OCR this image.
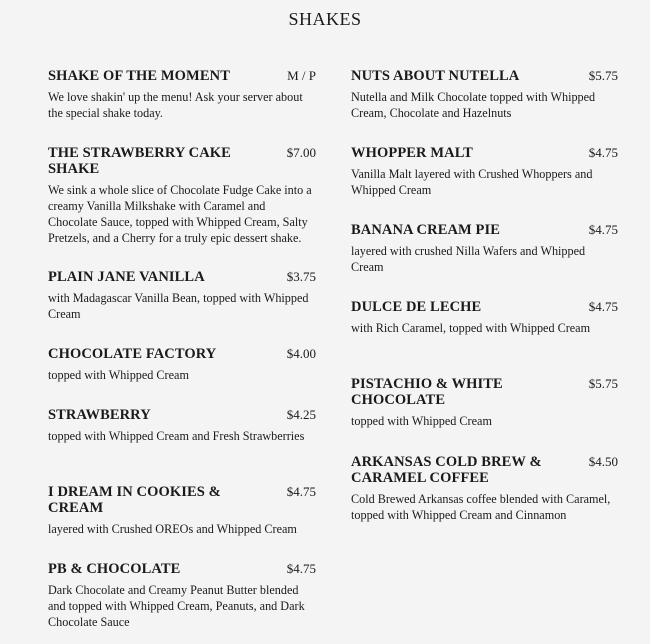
SHAKES
SHAKE OF THE MOMENT	M / P
We love shakin' up the menu! Ask your server about the special shake today.
THE STRAWBERRY CAKE SHAKE
$7.00
We sink a whole slice of Chocolate Fudge Cake into a creamy Vanilla Milkshake with Caramel and Chocolate Sauce, topped with Whipped Cream, Salty Pretzels, and a Cherry for a truly epic dessert shake.
PLAIN JANE VANILLA	$3.75
with Madagascar Vanilla Bean, topped with Whipped Cream
CHOCOLATE FACTORY	$4.00
topped with Whipped Cream
STRAWBERRY	$4.25
topped with Whipped Cream and Fresh Strawberries
I DREAM IN COOKIES & CREAM
$4.75
layered with Crushed OREOs and Whipped Cream
PB & CHOCOLATE	$4.75
Dark Chocolate and Creamy Peanut Butter blended and topped with Whipped Cream, Peanuts, and Dark Chocolate Sauce
NUTS ABOUT NUTELLA	$5.75
Nutella and Milk Chocolate topped with Whipped Cream, Chocolate and Hazelnuts
WHOPPER MALT	$4.75
Vanilla Malt layered with Crushed Whoppers and Whipped Cream
BANANA CREAM PIE	$4.75
layered with crushed Nilla Wafers and Whipped Cream
DULCE DE LECHE	$4.75
with Rich Caramel, topped with Whipped Cream
PISTACHIO & WHITE CHOCOLATE
$5.75
topped with Whipped Cream
ARKANSAS COLD BREW & CARAMEL COFFEE
$4.50
Cold Brewed Arkansas coffee blended with Caramel, topped with Whipped Cream and Cinnamon
